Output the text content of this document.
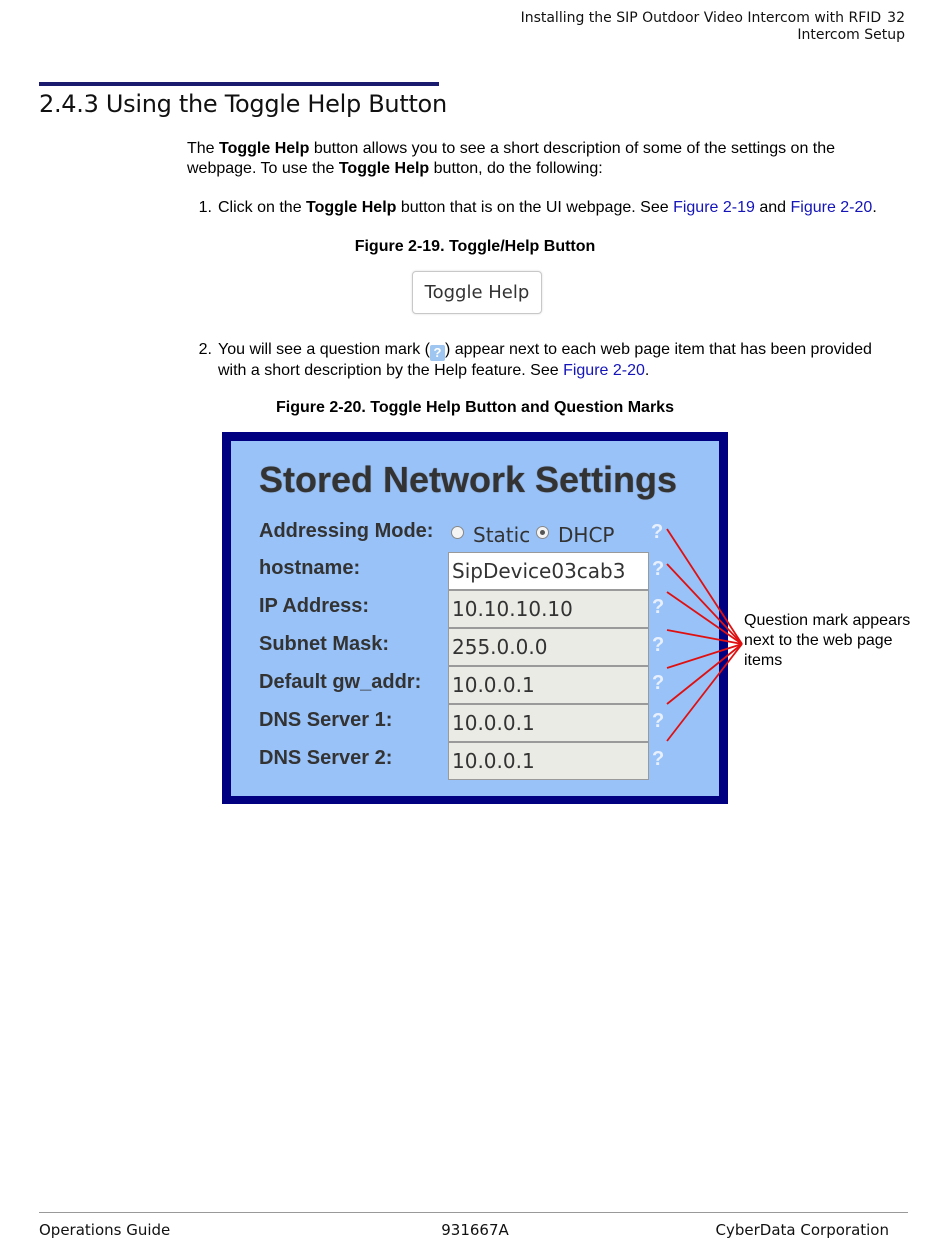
Installing the SIP Outdoor Video Intercom with RFID 32
Intercom Setup
2.4.3 Using the Toggle Help Button
The Toggle Help button allows you to see a short description of some of the settings on the webpage. To use the Toggle Help button, do the following:
1. Click on the Toggle Help button that is on the UI webpage. See Figure 2-19 and Figure 2-20.
Figure 2-19. Toggle/Help Button
Toggle Help
2. You will see a question mark ( ? ) appear next to each web page item that has been provided with a short description by the Help feature. See Figure 2-20.
Figure 2-20. Toggle Help Button and Question Marks
Stored Network Settings
Addressing Mode: Static DHCP ?
hostname:	SipDevice03cab3	?
IP Address:	10.10.10.10	?
Subnet Mask:	255.0.0.0	?
Default gw_addr: 10.0.0.1	?
DNS Server 1:	10.0.0.1	?
DNS Server 2:	10.0.0.1	?
Question mark appears next to the web page items
Operations Guide	931667A	CyberData Corporation
